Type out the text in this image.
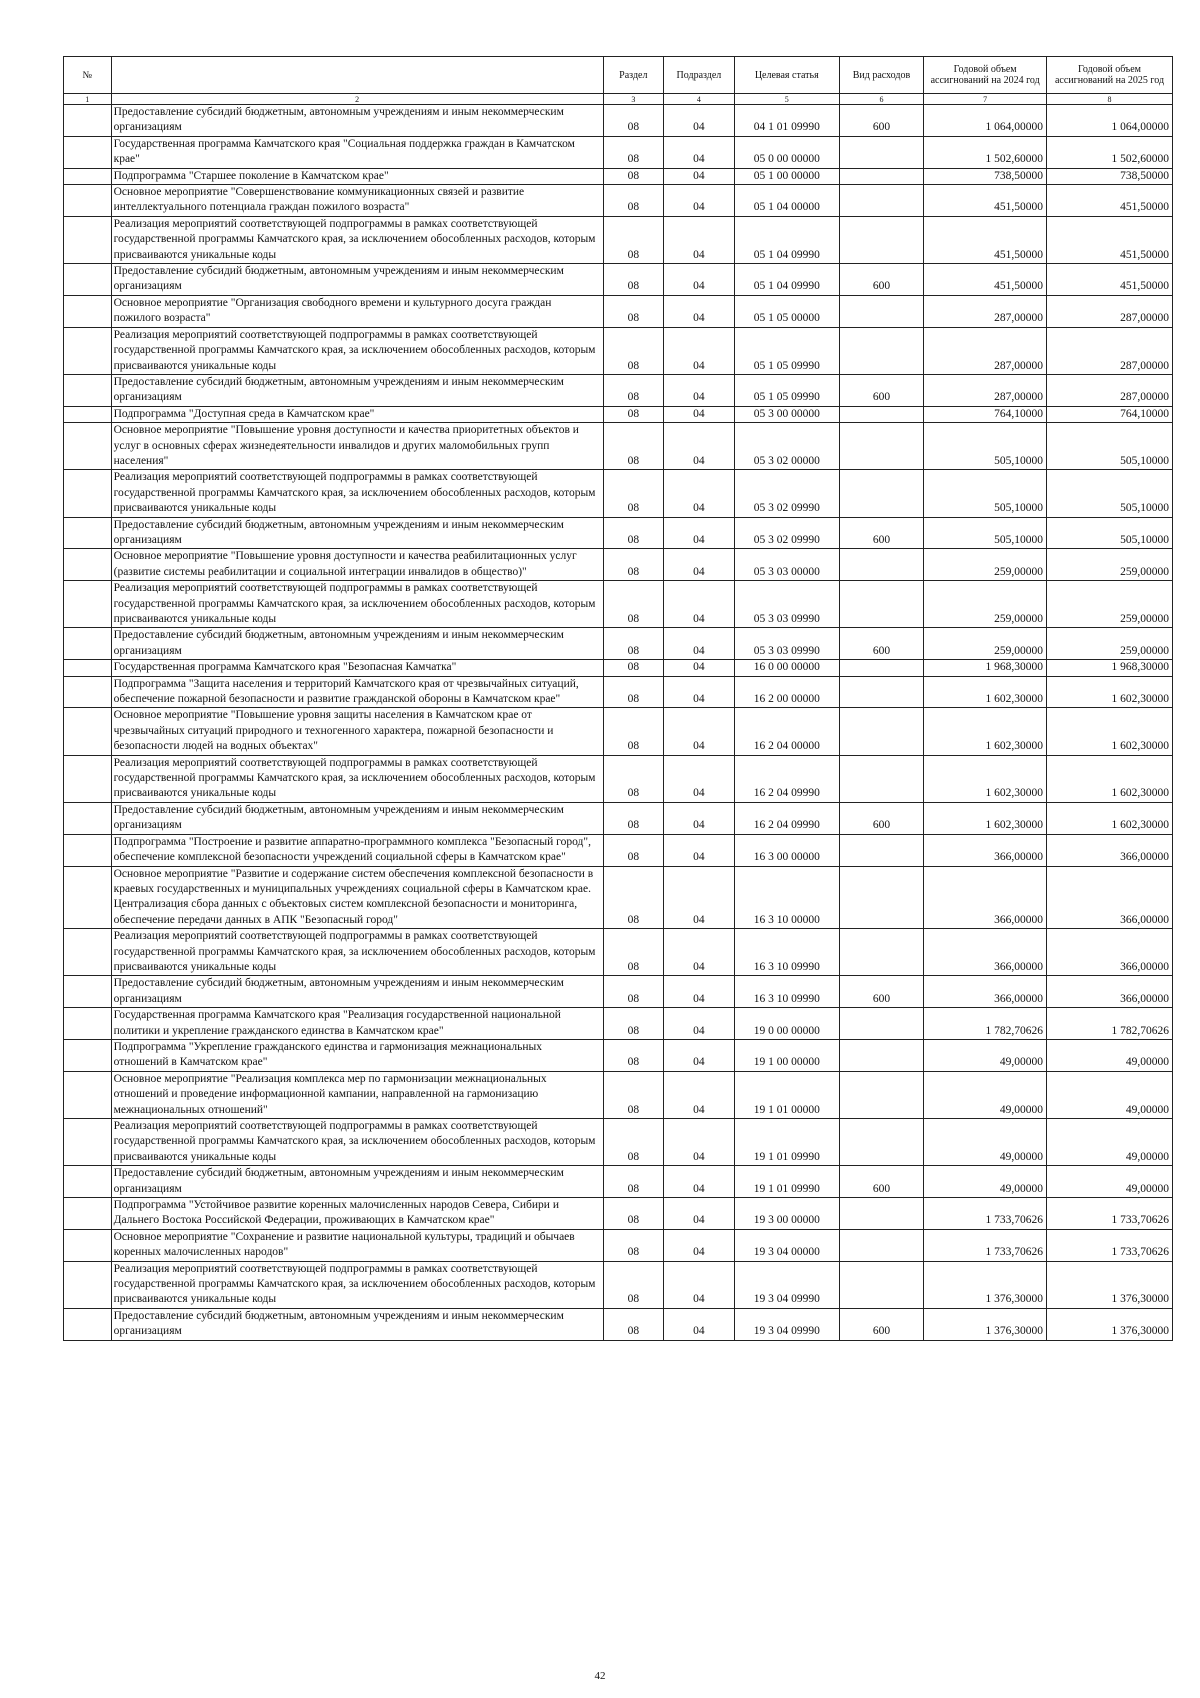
№		Раздел	Подраздел	Целевая статья	Вид расходов	Годовой объем ассигнований на 2024 год	Годовой объем ассигнований на 2025 год
1	2	3	4	5	6	7	8
	Предоставление субсидий бюджетным, автономным учреждениям и иным некоммерческим организациям	08	04	04 1 01 09990	600	1 064,00000	1 064,00000
	Государственная программа Камчатского края "Социальная поддержка граждан в Камчатском крае"	08	04	05 0 00 00000		1 502,60000	1 502,60000
	Подпрограмма "Старшее поколение в Камчатском крае"	08	04	05 1 00 00000		738,50000	738,50000
	Основное мероприятие "Совершенствование коммуникационных связей и развитие интеллектуального потенциала граждан пожилого возраста"	08	04	05 1 04 00000		451,50000	451,50000
	Реализация мероприятий соответствующей подпрограммы в рамках соответствующей государственной программы Камчатского края, за исключением обособленных расходов, которым присваиваются уникальные коды	08	04	05 1 04 09990		451,50000	451,50000
	Предоставление субсидий бюджетным, автономным учреждениям и иным некоммерческим организациям	08	04	05 1 04 09990	600	451,50000	451,50000
	Основное мероприятие "Организация свободного времени и культурного досуга граждан пожилого возраста"	08	04	05 1 05 00000		287,00000	287,00000
	Реализация мероприятий соответствующей подпрограммы в рамках соответствующей государственной программы Камчатского края, за исключением обособленных расходов, которым присваиваются уникальные коды	08	04	05 1 05 09990		287,00000	287,00000
	Предоставление субсидий бюджетным, автономным учреждениям и иным некоммерческим организациям	08	04	05 1 05 09990	600	287,00000	287,00000
	Подпрограмма "Доступная среда в Камчатском крае"	08	04	05 3 00 00000		764,10000	764,10000
	Основное мероприятие "Повышение уровня доступности и качества приоритетных объектов и услуг в основных сферах жизнедеятельности инвалидов и других маломобильных групп населения"	08	04	05 3 02 00000		505,10000	505,10000
	Реализация мероприятий соответствующей подпрограммы в рамках соответствующей государственной программы Камчатского края, за исключением обособленных расходов, которым присваиваются уникальные коды	08	04	05 3 02 09990		505,10000	505,10000
	Предоставление субсидий бюджетным, автономным учреждениям и иным некоммерческим организациям	08	04	05 3 02 09990	600	505,10000	505,10000
	Основное мероприятие "Повышение уровня доступности и качества реабилитационных услуг (развитие системы реабилитации и социальной интеграции инвалидов в общество)"	08	04	05 3 03 00000		259,00000	259,00000
	Реализация мероприятий соответствующей подпрограммы в рамках соответствующей государственной программы Камчатского края, за исключением обособленных расходов, которым присваиваются уникальные коды	08	04	05 3 03 09990		259,00000	259,00000
	Предоставление субсидий бюджетным, автономным учреждениям и иным некоммерческим организациям	08	04	05 3 03 09990	600	259,00000	259,00000
	Государственная программа Камчатского края "Безопасная Камчатка"	08	04	16 0 00 00000		1 968,30000	1 968,30000
	Подпрограмма "Защита населения и территорий Камчатского края от чрезвычайных ситуаций, обеспечение пожарной безопасности и развитие гражданской обороны в Камчатском крае"	08	04	16 2 00 00000		1 602,30000	1 602,30000
	Основное мероприятие "Повышение уровня защиты населения в Камчатском крае от чрезвычайных ситуаций природного и техногенного характера, пожарной безопасности и безопасности людей на водных объектах"	08	04	16 2 04 00000		1 602,30000	1 602,30000
	Реализация мероприятий соответствующей подпрограммы в рамках соответствующей государственной программы Камчатского края, за исключением обособленных расходов, которым присваиваются уникальные коды	08	04	16 2 04 09990		1 602,30000	1 602,30000
	Предоставление субсидий бюджетным, автономным учреждениям и иным некоммерческим организациям	08	04	16 2 04 09990	600	1 602,30000	1 602,30000
	Подпрограмма "Построение и развитие аппаратно-программного комплекса "Безопасный город", обеспечение комплексной безопасности учреждений социальной сферы в Камчатском крае"	08	04	16 3 00 00000		366,00000	366,00000
	Основное мероприятие "Развитие и содержание систем обеспечения комплексной безопасности в краевых государственных и муниципальных учреждениях социальной сферы в Камчатском крае. Централизация сбора данных с объектовых систем комплексной безопасности и мониторинга, обеспечение передачи данных в АПК "Безопасный город"	08	04	16 3 10 00000		366,00000	366,00000
	Реализация мероприятий соответствующей подпрограммы в рамках соответствующей государственной программы Камчатского края, за исключением обособленных расходов, которым присваиваются уникальные коды	08	04	16 3 10 09990		366,00000	366,00000
	Предоставление субсидий бюджетным, автономным учреждениям и иным некоммерческим организациям	08	04	16 3 10 09990	600	366,00000	366,00000
	Государственная программа Камчатского края "Реализация государственной национальной политики и укрепление гражданского единства в Камчатском крае"	08	04	19 0 00 00000		1 782,70626	1 782,70626
	Подпрограмма "Укрепление гражданского единства и гармонизация межнациональных отношений в Камчатском крае"	08	04	19 1 00 00000		49,00000	49,00000
	Основное мероприятие "Реализация комплекса мер по гармонизации межнациональных отношений и проведение информационной кампании, направленной на гармонизацию межнациональных отношений"	08	04	19 1 01 00000		49,00000	49,00000
	Реализация мероприятий соответствующей подпрограммы в рамках соответствующей государственной программы Камчатского края, за исключением обособленных расходов, которым присваиваются уникальные коды	08	04	19 1 01 09990		49,00000	49,00000
	Предоставление субсидий бюджетным, автономным учреждениям и иным некоммерческим организациям	08	04	19 1 01 09990	600	49,00000	49,00000
	Подпрограмма "Устойчивое развитие коренных малочисленных народов Севера, Сибири и Дальнего Востока Российской Федерации, проживающих в Камчатском крае"	08	04	19 3 00 00000		1 733,70626	1 733,70626
	Основное мероприятие "Сохранение и развитие национальной культуры, традиций и обычаев коренных малочисленных народов"	08	04	19 3 04 00000		1 733,70626	1 733,70626
	Реализация мероприятий соответствующей подпрограммы в рамках соответствующей государственной программы Камчатского края, за исключением обособленных расходов, которым присваиваются уникальные коды	08	04	19 3 04 09990		1 376,30000	1 376,30000
	Предоставление субсидий бюджетным, автономным учреждениям и иным некоммерческим организациям	08	04	19 3 04 09990	600	1 376,30000	1 376,30000
42
